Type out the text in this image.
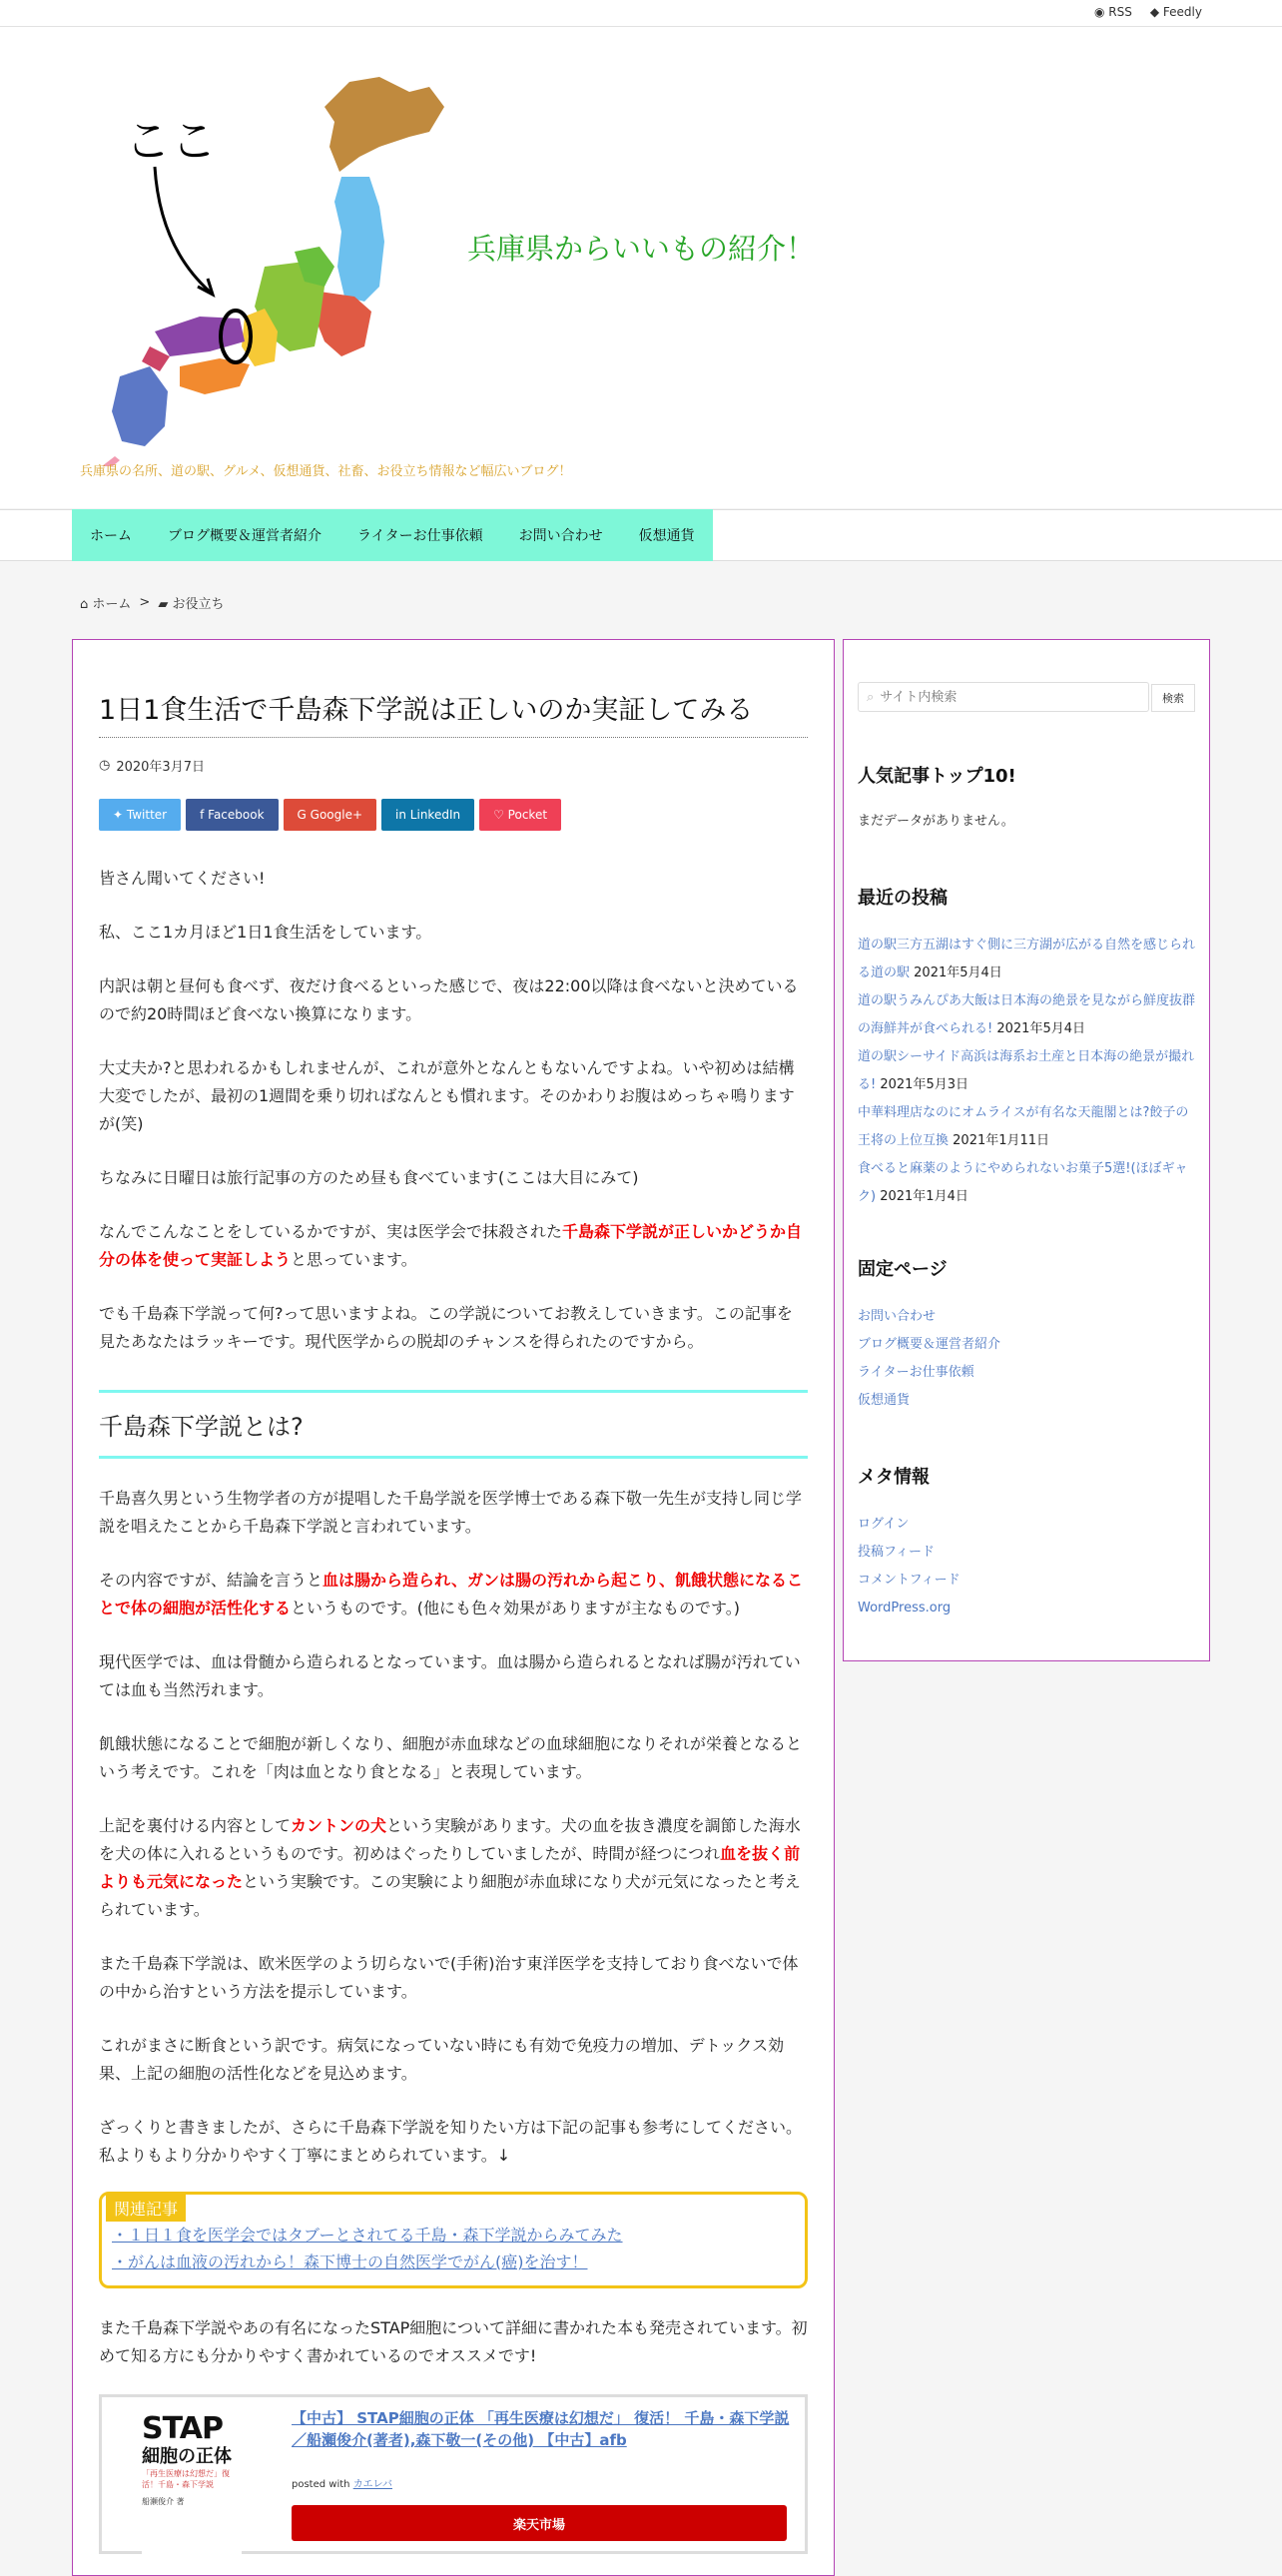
◉ RSS ◆ Feedly
ここ
兵庫県からいいもの紹介！
兵庫県の名所、道の駅、グルメ、仮想通貨、社畜、お役立ち情報など幅広いブログ！
ホーム	ブログ概要＆運営者紹介	ライターお仕事依頼	お問い合わせ	仮想通貨
⌂ ホーム > ▰ お役立ち
1日1食生活で千島森下学説は正しいのか実証してみる
◷ 2020年3月7日
✦ Twitter	f Facebook	G Google+	in LinkedIn	♡ Pocket

皆さん聞いてください!

私、ここ1カ月ほど1日1食生活をしています。

内訳は朝と昼何も食べず、夜だけ食べるといった感じで、夜は22:00以降は食べないと決めているので約20時間ほど食べない換算になります。

大丈夫か?と思われるかもしれませんが、これが意外となんともないんですよね。いや初めは結構大変でしたが、最初の1週間を乗り切ればなんとも慣れます。そのかわりお腹はめっちゃ鳴りますが(笑)

ちなみに日曜日は旅行記事の方のため昼も食べています(ここは大目にみて)

なんでこんなことをしているかですが、実は医学会で抹殺された千島森下学説が正しいかどうか自分の体を使って実証しようと思っています。

でも千島森下学説って何?って思いますよね。この学説についてお教えしていきます。この記事を見たあなたはラッキーです。現代医学からの脱却のチャンスを得られたのですから。

千島森下学説とは?

千島喜久男という生物学者の方が提唱した千島学説を医学博士である森下敬一先生が支持し同じ学説を唱えたことから千島森下学説と言われています。

その内容ですが、結論を言うと血は腸から造られ、ガンは腸の汚れから起こり、飢餓状態になることで体の細胞が活性化するというものです。(他にも色々効果がありますが主なものです。)

現代医学では、血は骨髄から造られるとなっています。血は腸から造られるとなれば腸が汚れていては血も当然汚れます。

飢餓状態になることで細胞が新しくなり、細胞が赤血球などの血球細胞になりそれが栄養となるという考えです。これを「肉は血となり食となる」と表現しています。

上記を裏付ける内容としてカントンの犬という実験があります。犬の血を抜き濃度を調節した海水を犬の体に入れるというものです。初めはぐったりしていましたが、時間が経つにつれ血を抜く前よりも元気になったという実験です。この実験により細胞が赤血球になり犬が元気になったと考えられています。

また千島森下学説は、欧米医学のよう切らないで(手術)治す東洋医学を支持しており食べないで体の中から治すという方法を提示しています。

これがまさに断食という訳です。病気になっていない時にも有効で免疫力の増加、デトックス効果、上記の細胞の活性化などを見込めます。

ざっくりと書きましたが、さらに千島森下学説を知りたい方は下記の記事も参考にしてください。私よりもより分かりやすく丁寧にまとめられています。↓

関連記事
・１日１食を医学会ではタブーとされてる千島・森下学説からみてみた
・がんは血液の汚れから！森下博士の自然医学でがん(癌)を治す！

また千島森下学説やあの有名になったSTAP細胞について詳細に書かれた本も発売されています。初めて知る方にも分かりやすく書かれているのでオススメです!

STAP
細胞の正体
「再生医療は幻想だ」復活！千島・森下学説
船瀬俊介 著
【中古】 STAP細胞の正体 「再生医療は幻想だ」 復活！ 千島・森下学説 ／船瀬俊介(著者),森下敬一(その他) 【中古】afb
posted with カエレバ
楽天市場
⌕
サイト内検索	検索
人気記事トップ10!
まだデータがありません。
最近の投稿
道の駅三方五湖はすぐ側に三方湖が広がる自然を感じられる道の駅 2021年5月4日
道の駅うみんぴあ大飯は日本海の絶景を見ながら鮮度抜群の海鮮丼が食べられる! 2021年5月4日
道の駅シーサイド高浜は海系お土産と日本海の絶景が撮れる! 2021年5月3日
中華料理店なのにオムライスが有名な天龍閣とは?餃子の王将の上位互換 2021年1月11日
食べると麻薬のようにやめられないお菓子5選!(ほぼギャク) 2021年1月4日
固定ページ
お問い合わせ
ブログ概要＆運営者紹介
ライターお仕事依頼
仮想通貨
メタ情報
ログイン
投稿フィード
コメントフィード
WordPress.org
